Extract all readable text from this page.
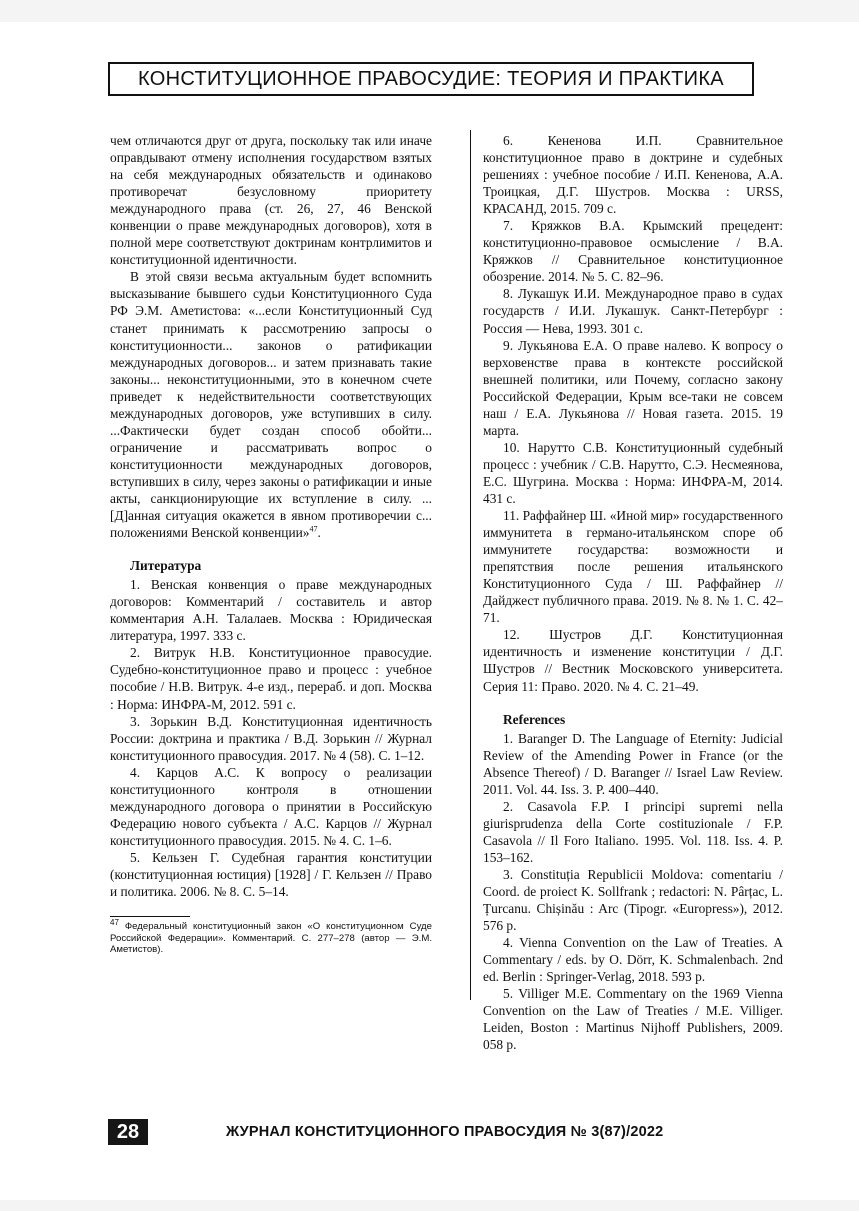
КОНСТИТУЦИОННОЕ ПРАВОСУДИЕ: ТЕОРИЯ И ПРАКТИКА

чем отличаются друг от друга, поскольку так или иначе оправдывают отмену исполнения государством взятых на себя международных обязательств и одинаково противоречат безусловному приоритету международного права (ст. 26, 27, 46 Венской конвенции о праве международных договоров), хотя в полной мере соответствуют доктринам контрлимитов и конституционной идентичности.

В этой связи весьма актуальным будет вспомнить высказывание бывшего судьи Конституционного Суда РФ Э.М. Аметистова: «...если Конституционный Суд станет принимать к рассмотрению запросы о конституционности... законов о ратификации международных договоров... и затем признавать такие законы... неконституционными, это в конечном счете приведет к недействительности соответствующих международных договоров, уже вступивших в силу. ...Фактически будет создан способ обойти... ограничение и рассматривать вопрос о конституционности международных договоров, вступивших в силу, через законы о ратификации и иные акты, санкционирующие их вступление в силу. ...[Д]анная ситуация окажется в явном противоречии с... положениями Венской конвенции»$^{47}$.

Литература

1. Венская конвенция о праве международных договоров: Комментарий / составитель и автор комментария А.Н. Талалаев. Москва : Юридическая литература, 1997. 333 с.

2. Витрук Н.В. Конституционное правосудие. Судебно-конституционное право и процесс : учебное пособие / Н.В. Витрук. 4-е изд., перераб. и доп. Москва : Норма: ИНФРА-М, 2012. 591 с.

3. Зорькин В.Д. Конституционная идентичность России: доктрина и практика / В.Д. Зорькин // Журнал конституционного правосудия. 2017. № 4 (58). С. 1–12.

4. Карцов А.С. К вопросу о реализации конституционного контроля в отношении международного договора о принятии в Российскую Федерацию нового субъекта / А.С. Карцов // Журнал конституционного правосудия. 2015. № 4. С. 1–6.

5. Кельзен Г. Судебная гарантия конституции (конституционная юстиция) [1928] / Г. Кельзен // Право и политика. 2006. № 8. С. 5–14.

$^{47}$ Федеральный конституционный закон «О конституционном Суде Российской Федерации». Комментарий. С. 277–278 (автор — Э.М. Аметистов).

6. Кененова И.П. Сравнительное конституционное право в доктрине и судебных решениях : учебное пособие / И.П. Кененова, А.А. Троицкая, Д.Г. Шустров. Москва : URSS, КРАСАНД, 2015. 709 с.

7. Кряжков В.А. Крымский прецедент: конституционно-правовое осмысление / В.А. Кряжков // Сравнительное конституционное обозрение. 2014. № 5. С. 82–96.

8. Лукашук И.И. Международное право в судах государств / И.И. Лукашук. Санкт-Петербург : Россия — Нева, 1993. 301 с.

9. Лукьянова Е.А. О праве налево. К вопросу о верховенстве права в контексте российской внешней политики, или Почему, согласно закону Российской Федерации, Крым все-таки не совсем наш / Е.А. Лукьянова // Новая газета. 2015. 19 марта.

10. Нарутто С.В. Конституционный судебный процесс : учебник / С.В. Нарутто, С.Э. Несмеянова, Е.С. Шугрина. Москва : Норма: ИНФРА-М, 2014. 431 с.

11. Раффайнер Ш. «Иной мир» государственного иммунитета в германо-итальянском споре об иммунитете государства: возможности и препятствия после решения итальянского Конституционного Суда / Ш. Раффайнер // Дайджест публичного права. 2019. № 8. № 1. С. 42–71.

12. Шустров Д.Г. Конституционная идентичность и изменение конституции / Д.Г. Шустров // Вестник Московского университета. Серия 11: Право. 2020. № 4. С. 21–49.

References

1. Baranger D. The Language of Eternity: Judicial Review of the Amending Power in France (or the Absence Thereof) / D. Baranger // Israel Law Review. 2011. Vol. 44. Iss. 3. P. 400–440.

2. Casavola F.P. I principi supremi nella giurisprudenza della Corte costituzionale / F.P. Casavola // Il Foro Italiano. 1995. Vol. 118. Iss. 4. P. 153–162.

3. Constituția Republicii Moldova: comentariu / Coord. de proiect K. Sollfrank ; redactori: N. Pârțac, L. Țurcanu. Chișinău : Arc (Tipogr. «Europress»), 2012. 576 p.

4. Vienna Convention on the Law of Treaties. A Commentary / eds. by O. Dörr, K. Schmalenbach. 2nd ed. Berlin : Springer-Verlag, 2018. 593 p.

5. Villiger M.E. Commentary on the 1969 Vienna Convention on the Law of Treaties / M.E. Villiger. Leiden, Boston : Martinus Nijhoff Publishers, 2009. 058 p.

28	ЖУРНАЛ КОНСТИТУЦИОННОГО ПРАВОСУДИЯ № 3(87)/2022
